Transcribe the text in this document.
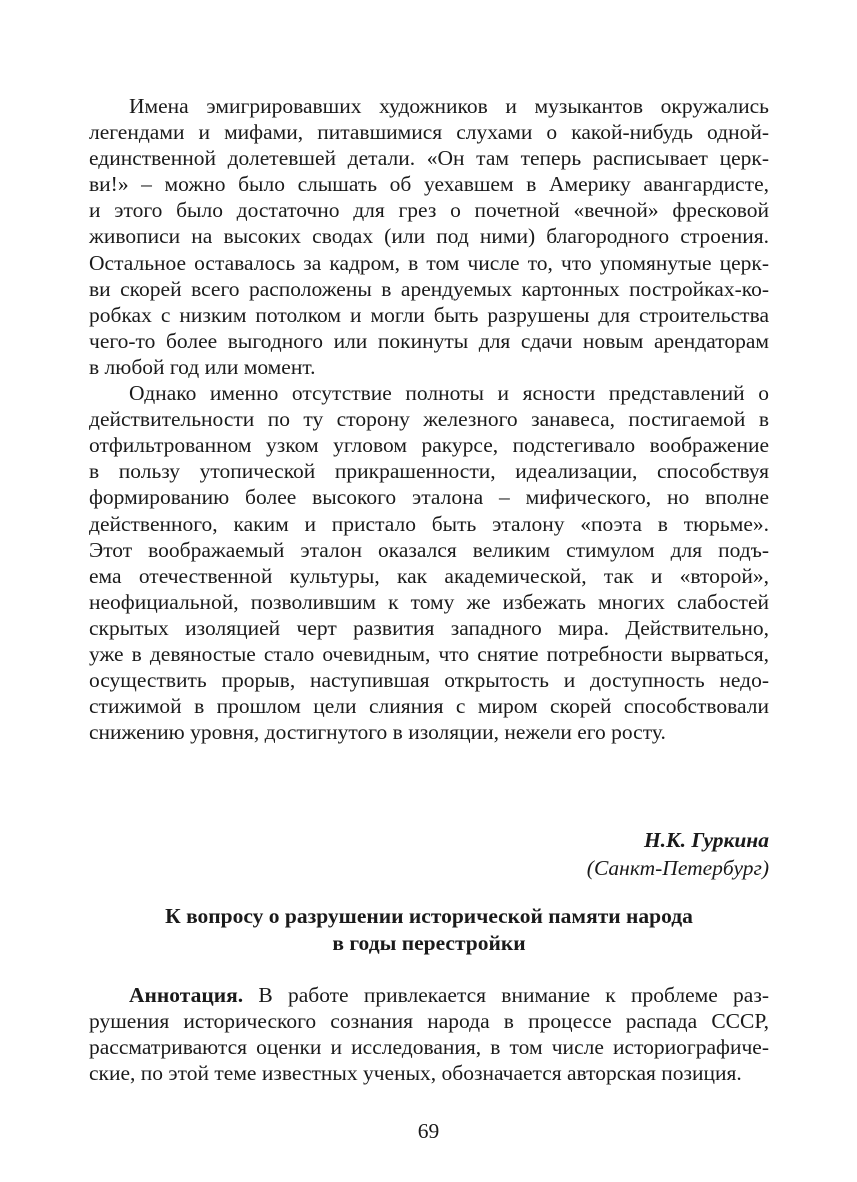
Имена эмигрировавших художников и музыкантов окружались
легендами и мифами, питавшимися слухами о какой-нибудь одной-
единственной долетевшей детали. «Он там теперь расписывает церк-
ви!» – можно было слышать об уехавшем в Америку авангардисте,
и этого было достаточно для грез о почетной «вечной» фресковой
живописи на высоких сводах (или под ними) благородного строения.
Остальное оставалось за кадром, в том числе то, что упомянутые церк-
ви скорей всего расположены в арендуемых картонных постройках-ко-
робках с низким потолком и могли быть разрушены для строительства
чего-то более выгодного или покинуты для сдачи новым арендаторам
в любой год или момент.
Однако именно отсутствие полноты и ясности представлений о
действительности по ту сторону железного занавеса, постигаемой в
отфильтрованном узком угловом ракурсе, подстегивало воображение
в пользу утопической прикрашенности, идеализации, способствуя
формированию более высокого эталона – мифического, но вполне
действенного, каким и пристало быть эталону «поэта в тюрьме».
Этот воображаемый эталон оказался великим стимулом для подъ-
ема отечественной культуры, как академической, так и «второй»,
неофициальной, позволившим к тому же избежать многих слабостей
скрытых изоляцией черт развития западного мира. Действительно,
уже в девяностые стало очевидным, что снятие потребности вырваться,
осуществить прорыв, наступившая открытость и доступность недо-
стижимой в прошлом цели слияния с миром скорей способствовали
снижению уровня, достигнутого в изоляции, нежели его росту.
Н.К. Гуркина
(Санкт-Петербург)
К вопросу о разрушении исторической памяти народа
в годы перестройки
Аннотация. В работе привлекается внимание к проблеме раз-
рушения исторического сознания народа в процессе распада СССР,
рассматриваются оценки и исследования, в том числе историографиче-
ские, по этой теме известных ученых, обозначается авторская позиция.
69
